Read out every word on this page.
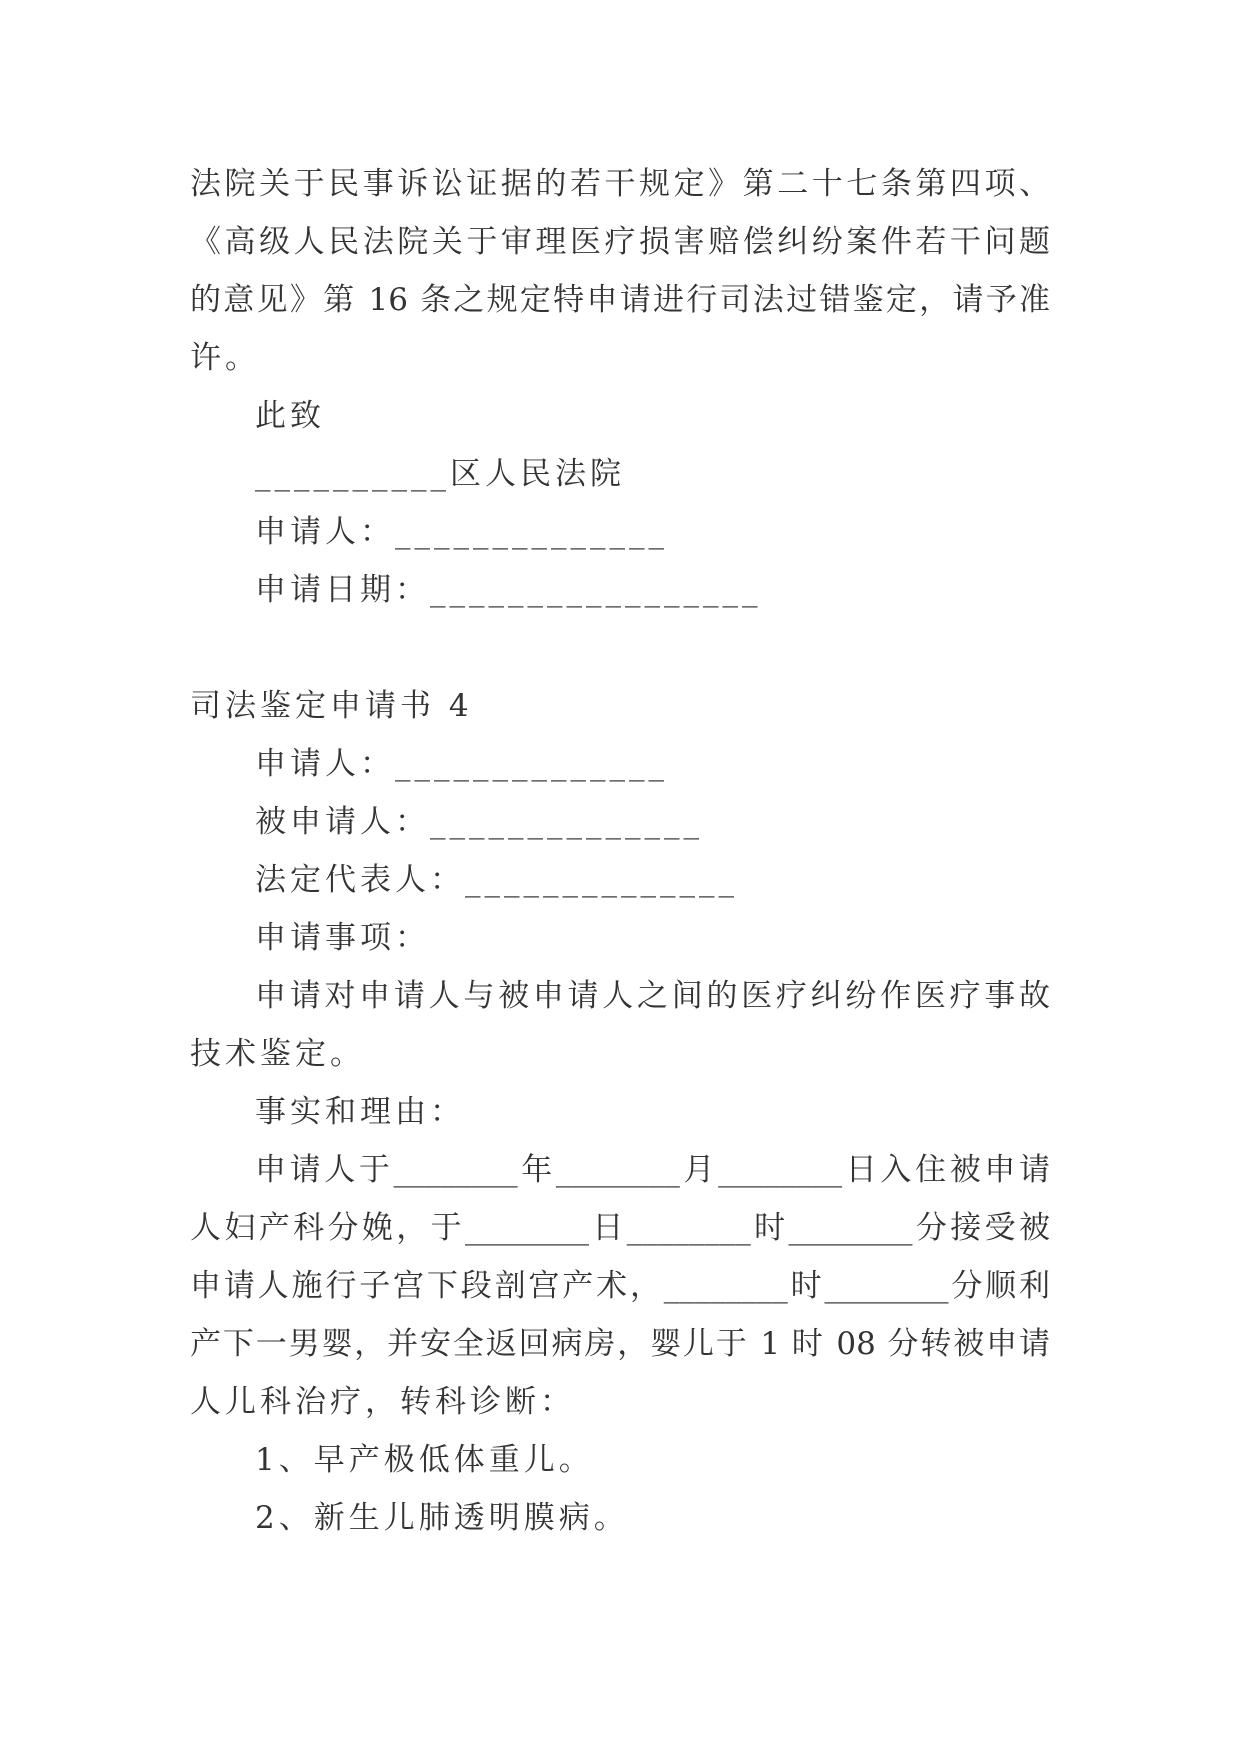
法院关于民事诉讼证据的若干规定》第二十七条第四项、
《高级人民法院关于审理医疗损害赔偿纠纷案件若干问题
的意见》第 16 条之规定特申请进行司法过错鉴定，请予准
许。
此致
__________区人民法院
申请人：______________
申请日期：_________________
司法鉴定申请书 4
申请人：______________
被申请人：______________
法定代表人：______________
申请事项：
申请对申请人与被申请人之间的医疗纠纷作医疗事故
技术鉴定。
事实和理由：
申请人于________年________月________日入住被申请
人妇产科分娩，于________日________时________分接受被
申请人施行子宫下段剖宫产术，________时________分顺利
产下一男婴，并安全返回病房，婴儿于 1 时 08 分转被申请
人儿科治疗，转科诊断：
1、早产极低体重儿。
2、新生儿肺透明膜病。
